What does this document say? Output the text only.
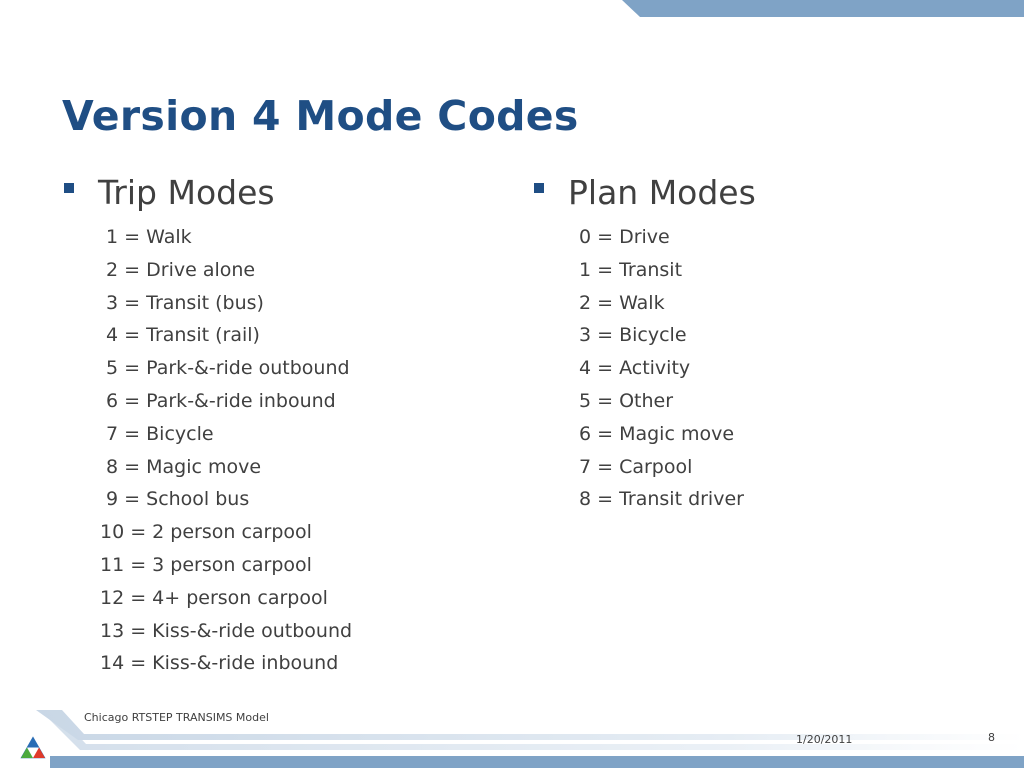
Version 4 Mode Codes
Trip Modes
1 = Walk
2 = Drive alone
3 = Transit (bus)
4 = Transit (rail)
5 = Park-&-ride outbound
6 = Park-&-ride inbound
7 = Bicycle
8 = Magic move
9 = School bus
10 = 2 person carpool
11 = 3 person carpool
12 = 4+ person carpool
13 = Kiss-&-ride outbound
14 = Kiss-&-ride inbound
Plan Modes
0 = Drive
1 = Transit
2 = Walk
3 = Bicycle
4 = Activity
5 = Other
6 = Magic move
7 = Carpool
8 = Transit driver
Chicago RTSTEP TRANSIMS Model
1/20/2011	8
